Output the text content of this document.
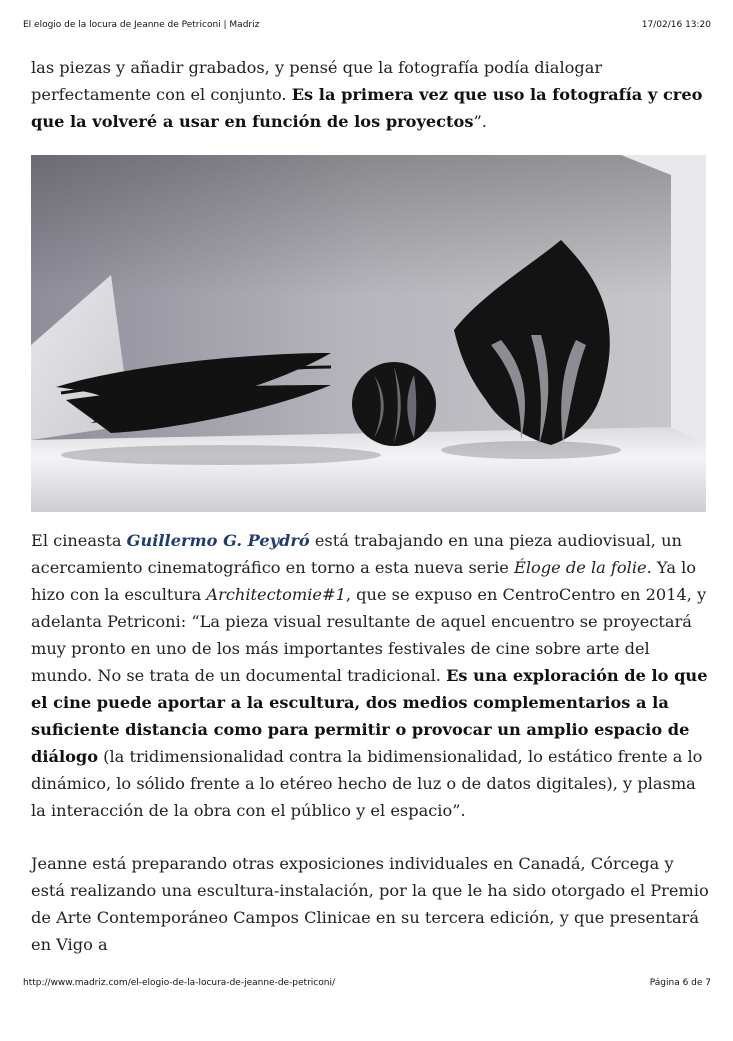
El elogio de la locura de Jeanne de Petriconi | Madriz	17/02/16 13:20

las piezas y añadir grabados, y pensé que la fotografía podía dialogar perfectamente con el conjunto. Es la primera vez que uso la fotografía y creo que la volveré a usar en función de los proyectos”.

El cineasta Guillermo G. Peydró está trabajando en una pieza audiovisual, un acercamiento cinematográfico en torno a esta nueva serie Éloge de la folie. Ya lo hizo con la escultura Architectomie#1, que se expuso en CentroCentro en 2014, y adelanta Petriconi: “La pieza visual resultante de aquel encuentro se proyectará muy pronto en uno de los más importantes festivales de cine sobre arte del mundo. No se trata de un documental tradicional. Es una exploración de lo que el cine puede aportar a la escultura, dos medios complementarios a la suficiente distancia como para permitir o provocar un amplio espacio de diálogo (la tridimensionalidad contra la bidimensionalidad, lo estático frente a lo dinámico, lo sólido frente a lo etéreo hecho de luz o de datos digitales), y plasma la interacción de la obra con el público y el espacio”.

Jeanne está preparando otras exposiciones individuales en Canadá, Córcega y está realizando una escultura-instalación, por la que le ha sido otorgado el Premio de Arte Contemporáneo Campos Clinicae en su tercera edición, y que presentará en Vigo a

http://www.madriz.com/el-elogio-de-la-locura-de-jeanne-de-petriconi/	Página 6 de 7
